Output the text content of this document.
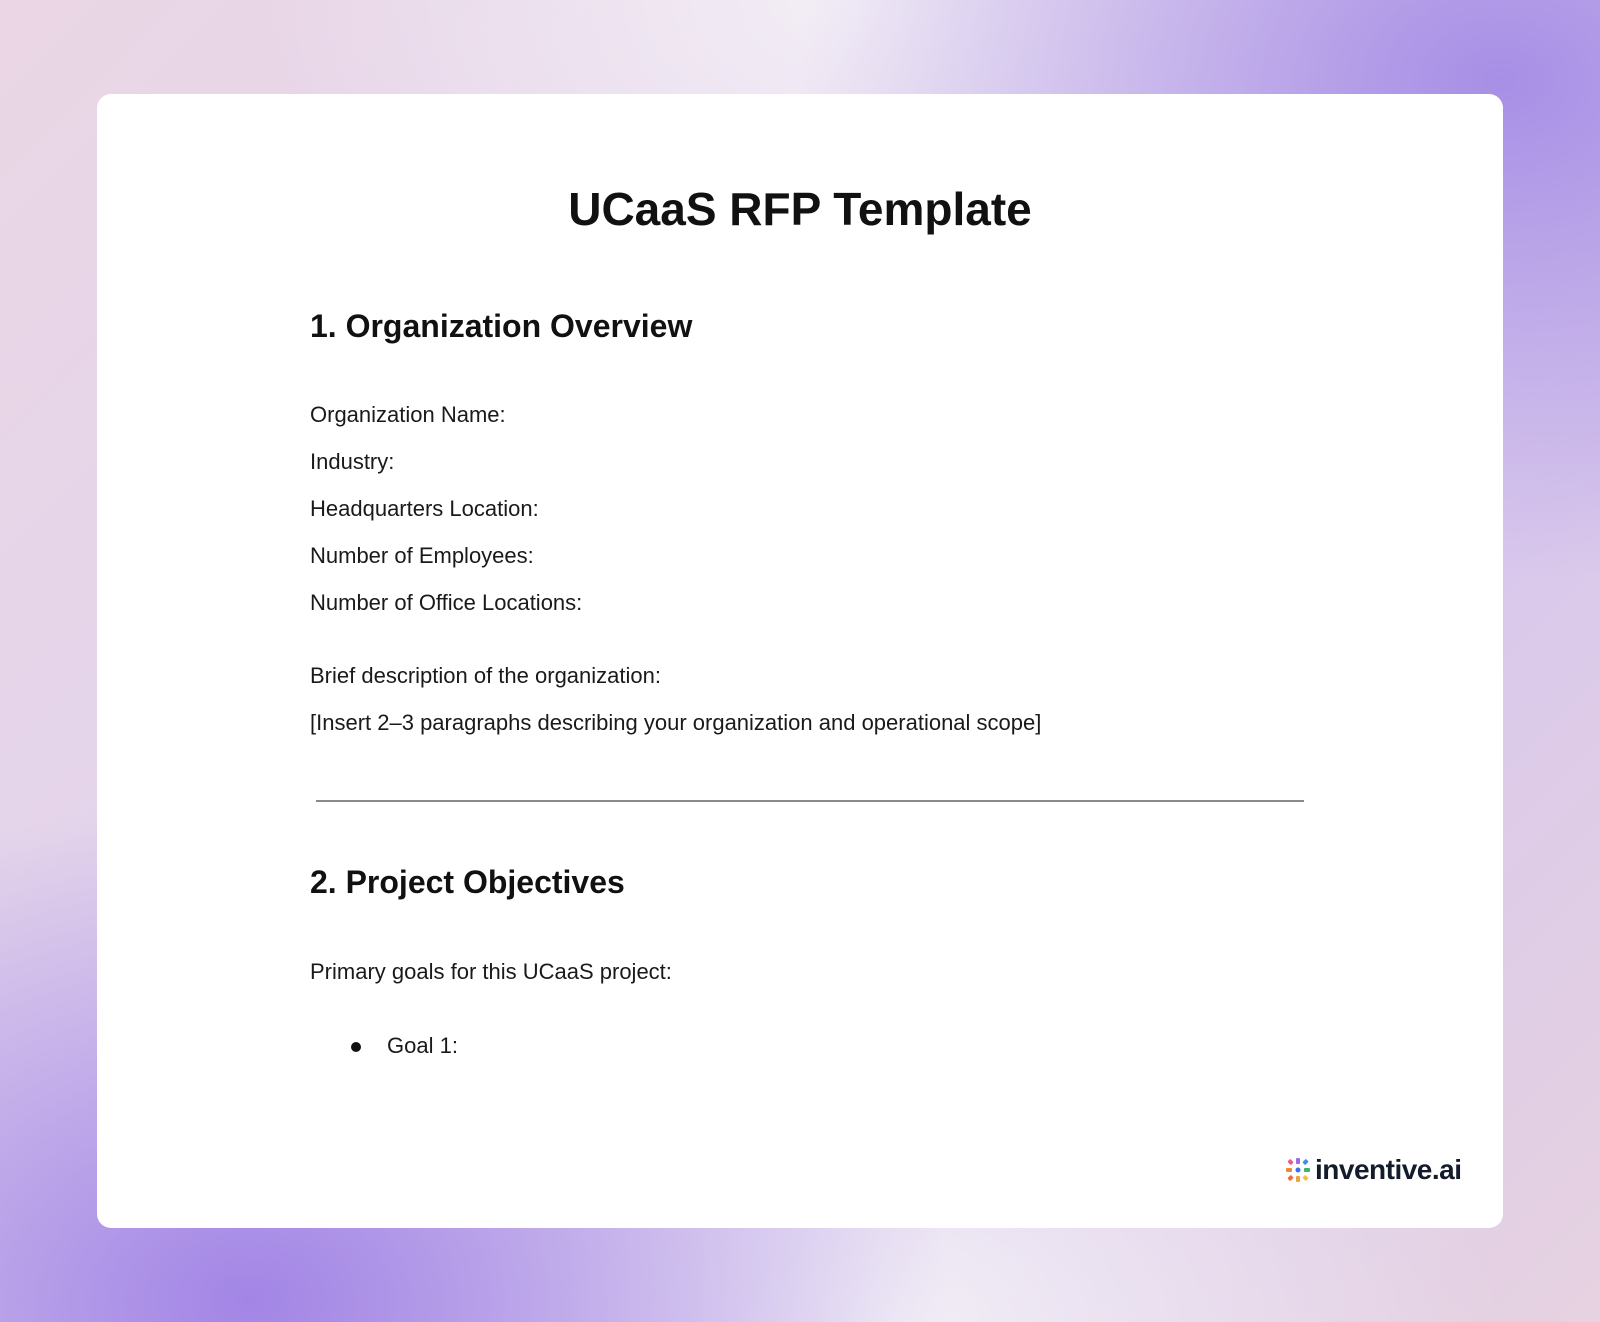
UCaaS RFP Template
1. Organization Overview
Organization Name:
Industry:
Headquarters Location:
Number of Employees:
Number of Office Locations:
Brief description of the organization:
[Insert 2–3 paragraphs describing your organization and operational scope]
2. Project Objectives
Primary goals for this UCaaS project:
Goal 1:
inventive.ai
